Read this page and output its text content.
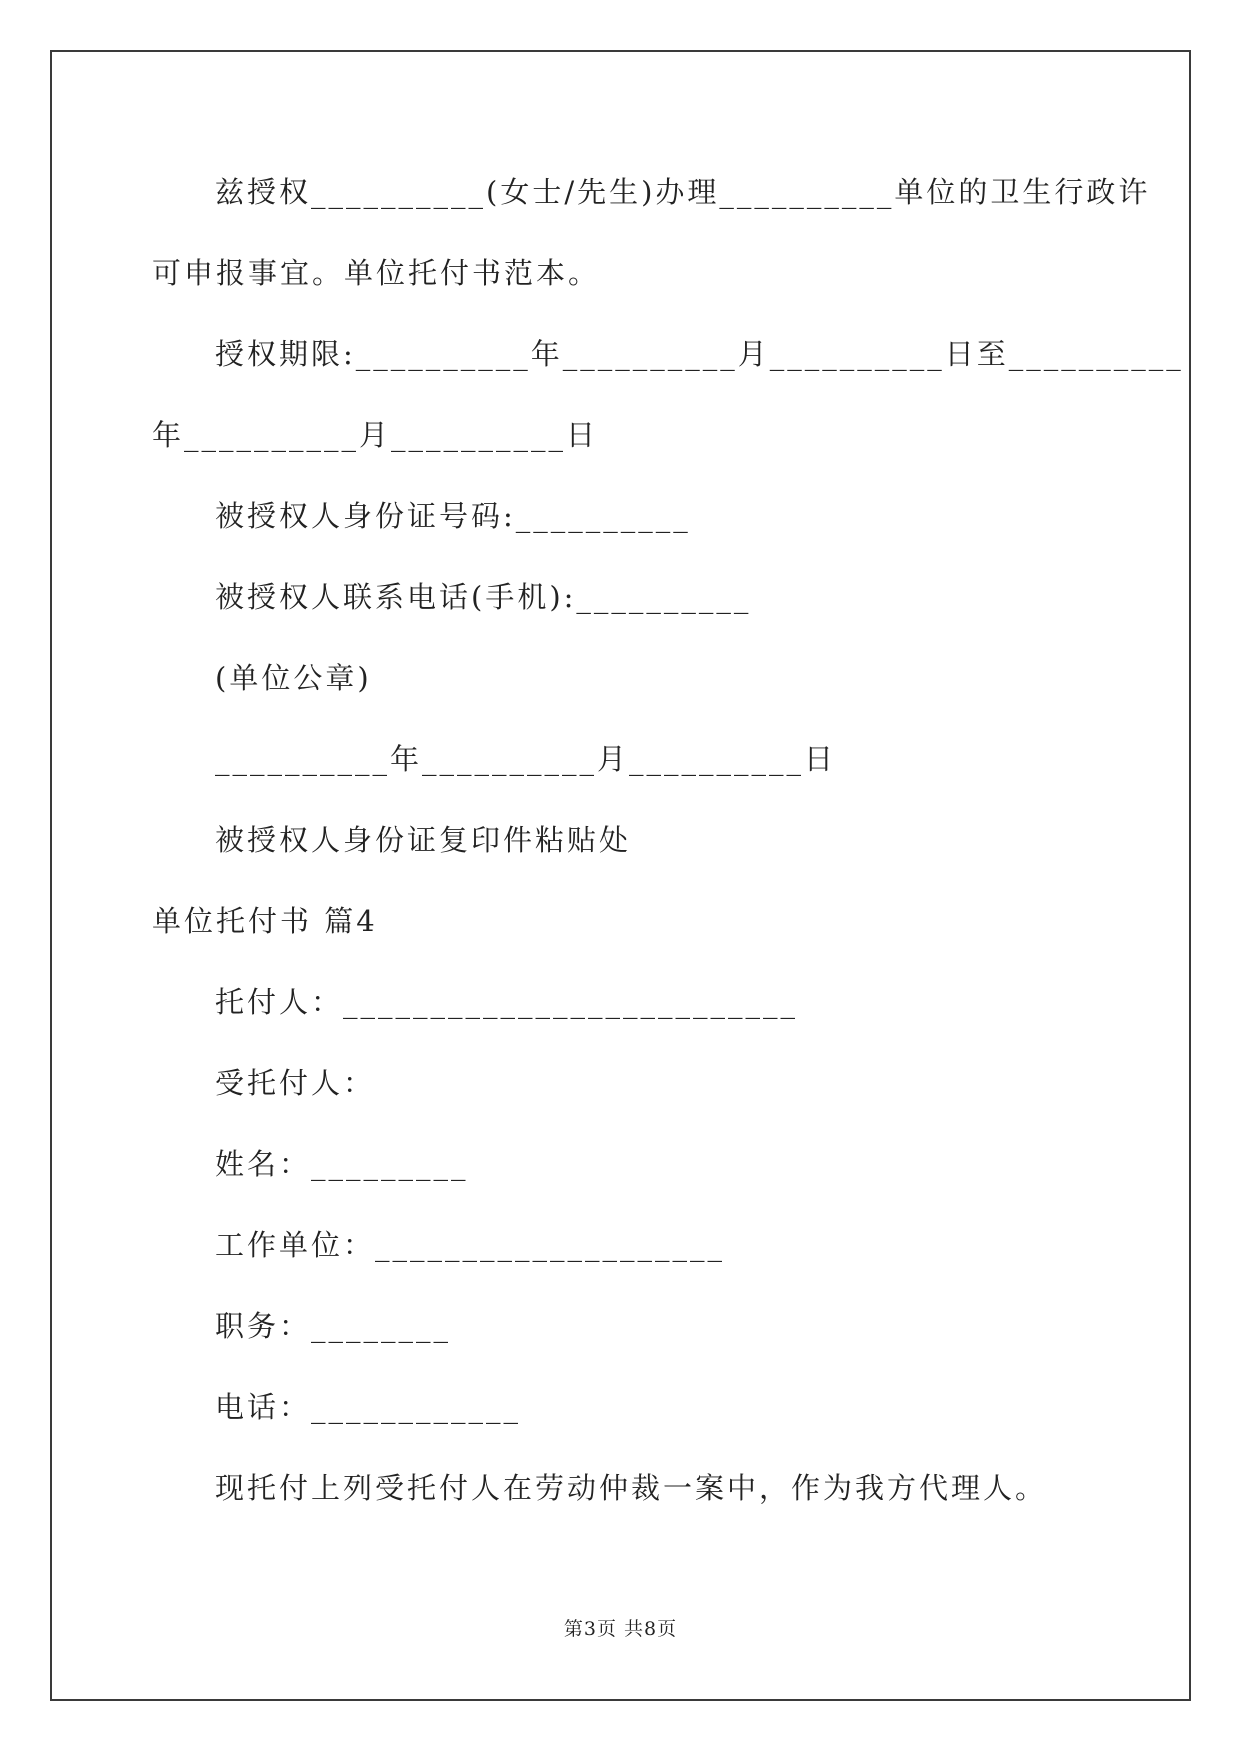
兹授权__________(女士/先生)办理__________单位的卫生行政许
可申报事宜。单位托付书范本。
授权期限:__________年__________月__________日至__________
年__________月__________日
被授权人身份证号码:__________
被授权人联系电话(手机):__________
(单位公章)
__________年__________月__________日
被授权人身份证复印件粘贴处
单位托付书 篇4
托付人：__________________________
受托付人：
姓名：_________
工作单位：____________________
职务：________
电话：____________
现托付上列受托付人在劳动仲裁一案中，作为我方代理人。
第3页 共8页
